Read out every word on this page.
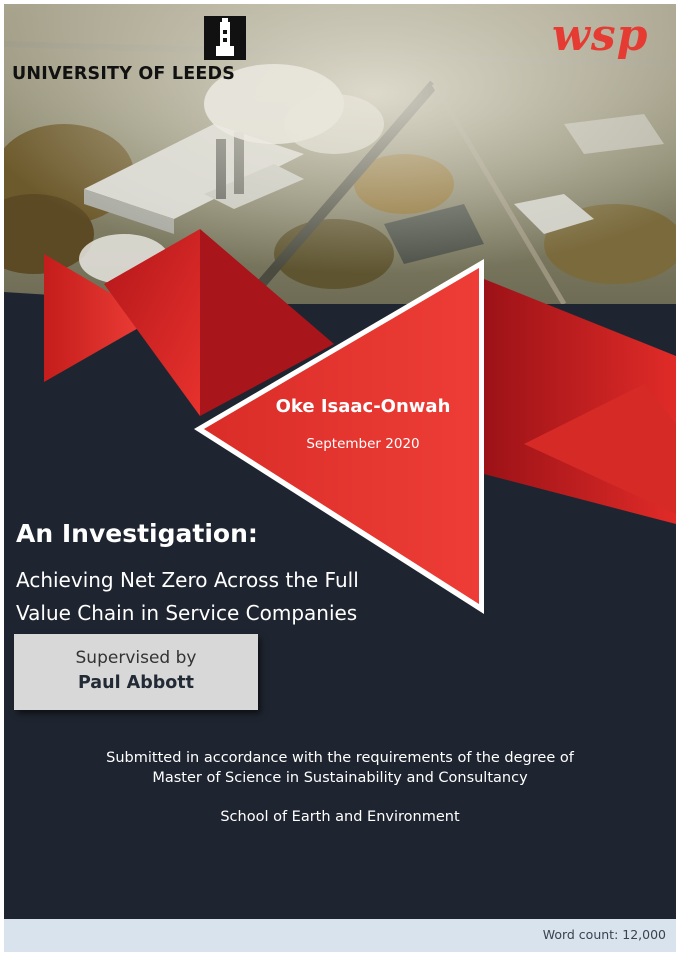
UNIVERSITY OF LEEDS
wsp
Oke Isaac-Onwah
September 2020
An Investigation:
Achieving Net Zero Across the Full
Value Chain in Service Companies
Supervised by
Paul Abbott
Submitted in accordance with the requirements of the degree of
Master of Science in Sustainability and Consultancy
School of Earth and Environment
Word count: 12,000
